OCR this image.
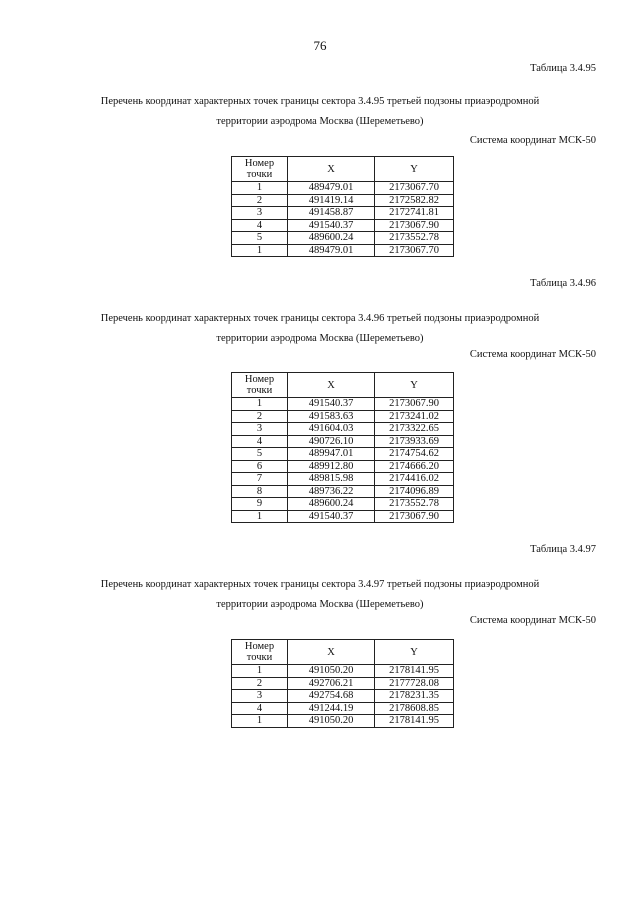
76
Таблица 3.4.95
Перечень координат характерных точек границы сектора 3.4.95 третьей подзоны приаэродромной
территории аэродрома Москва (Шереметьево)
Система координат МСК-50
Номер точки	X	Y
1	489479.01	2173067.70
2	491419.14	2172582.82
3	491458.87	2172741.81
4	491540.37	2173067.90
5	489600.24	2173552.78
1	489479.01	2173067.70
Таблица 3.4.96
Перечень координат характерных точек границы сектора 3.4.96 третьей подзоны приаэродромной
территории аэродрома Москва (Шереметьево)
Система координат МСК-50
Номер точки	X	Y
1	491540.37	2173067.90
2	491583.63	2173241.02
3	491604.03	2173322.65
4	490726.10	2173933.69
5	489947.01	2174754.62
6	489912.80	2174666.20
7	489815.98	2174416.02
8	489736.22	2174096.89
9	489600.24	2173552.78
1	491540.37	2173067.90
Таблица 3.4.97
Перечень координат характерных точек границы сектора 3.4.97 третьей подзоны приаэродромной
территории аэродрома Москва (Шереметьево)
Система координат МСК-50
Номер точки	X	Y
1	491050.20	2178141.95
2	492706.21	2177728.08
3	492754.68	2178231.35
4	491244.19	2178608.85
1	491050.20	2178141.95
